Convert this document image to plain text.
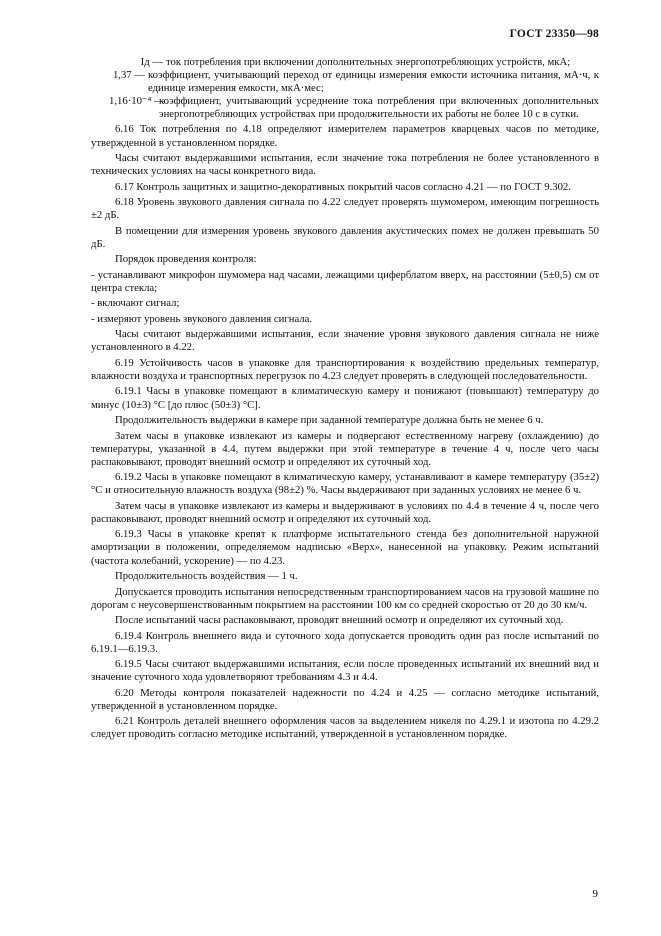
ГОСТ 23350—98
Iд — ток потребления при включении дополнительных энергопотребляющих устройств, мкА;
1,37 — коэффициент, учитывающий переход от единицы измерения емкости источника питания, мА·ч, к единице измерения емкости, мкА·мес;
1,16·10⁻⁴ —
коэффициент, учитывающий усреднение тока потребления при включенных дополнительных энергопотребляющих устройствах при продолжительности их работы не более 10 с в сутки.

6.16 Ток потребления по 4.18 определяют измерителем параметров кварцевых часов по методике, утвержденной в установленном порядке.

Часы считают выдержавшими испытания, если значение тока потребления не более установленного в технических условиях на часы конкретного вида.

6.17 Контроль защитных и защитно-декоративных покрытий часов согласно 4.21 — по ГОСТ 9.302.

6.18 Уровень звукового давления сигнала по 4.22 следует проверять шумомером, имеющим погрешность ±2 дБ.

В помещении для измерения уровень звукового давления акустических помех не должен превышать 50 дБ.

Порядок проведения контроля:

- устанавливают микрофон шумомера над часами, лежащими циферблатом вверх, на расстоянии (5±0,5) см от центра стекла;

- включают сигнал;

- измеряют уровень звукового давления сигнала.

Часы считают выдержавшими испытания, если значение уровня звукового давления сигнала не ниже установленного в 4.22.

6.19 Устойчивость часов в упаковке для транспортирования к воздействию предельных температур, влажности воздуха и транспортных перегрузок по 4.23 следует проверять в следующей последовательности.

6.19.1 Часы в упаковке помещают в климатическую камеру и понижают (повышают) температуру до минус (10±3) °С [до плюс (50±3) °С].

Продолжительность выдержки в камере при заданной температуре должна быть не менее 6 ч.

Затем часы в упаковке извлекают из камеры и подвергают естественному нагреву (охлаждению) до температуры, указанной в 4.4, путем выдержки при этой температуре в течение 4 ч, после чего часы распаковывают, проводят внешний осмотр и определяют их суточный ход.

6.19.2 Часы в упаковке помещают в климатическую камеру, устанавливают в камере температуру (35±2) °С и относительную влажность воздуха (98±2) %. Часы выдерживают при заданных условиях не менее 6 ч.

Затем часы в упаковке извлекают из камеры и выдерживают в условиях по 4.4 в течение 4 ч, после чего распаковывают, проводят внешний осмотр и определяют их суточный ход.

6.19.3 Часы в упаковке крепят к платформе испытательного стенда без дополнительной наружной амортизации в положении, определяемом надписью «Верх», нанесенной на упаковку. Режим испытаний (частота колебаний, ускорение) — по 4.23.

Продолжительность воздействия — 1 ч.

Допускается проводить испытания непосредственным транспортированием часов на грузовой машине по дорогам с неусовершенствованным покрытием на расстоянии 100 км со средней скоростью от 20 до 30 км/ч.

После испытаний часы распаковывают, проводят внешний осмотр и определяют их суточный ход.

6.19.4 Контроль внешнего вида и суточного хода допускается проводить один раз после испытаний по 6.19.1—6.19.3.

6.19.5 Часы считают выдержавшими испытания, если после проведенных испытаний их внешний вид и значение суточного хода удовлетворяют требованиям 4.3 и 4.4.

6.20 Методы контроля показателей надежности по 4.24 и 4.25 — согласно методике испытаний, утвержденной в установленном порядке.

6.21 Контроль деталей внешнего оформления часов за выделением никеля по 4.29.1 и изотопа по 4.29.2 следует проводить согласно методике испытаний, утвержденной в установленном порядке.

9
